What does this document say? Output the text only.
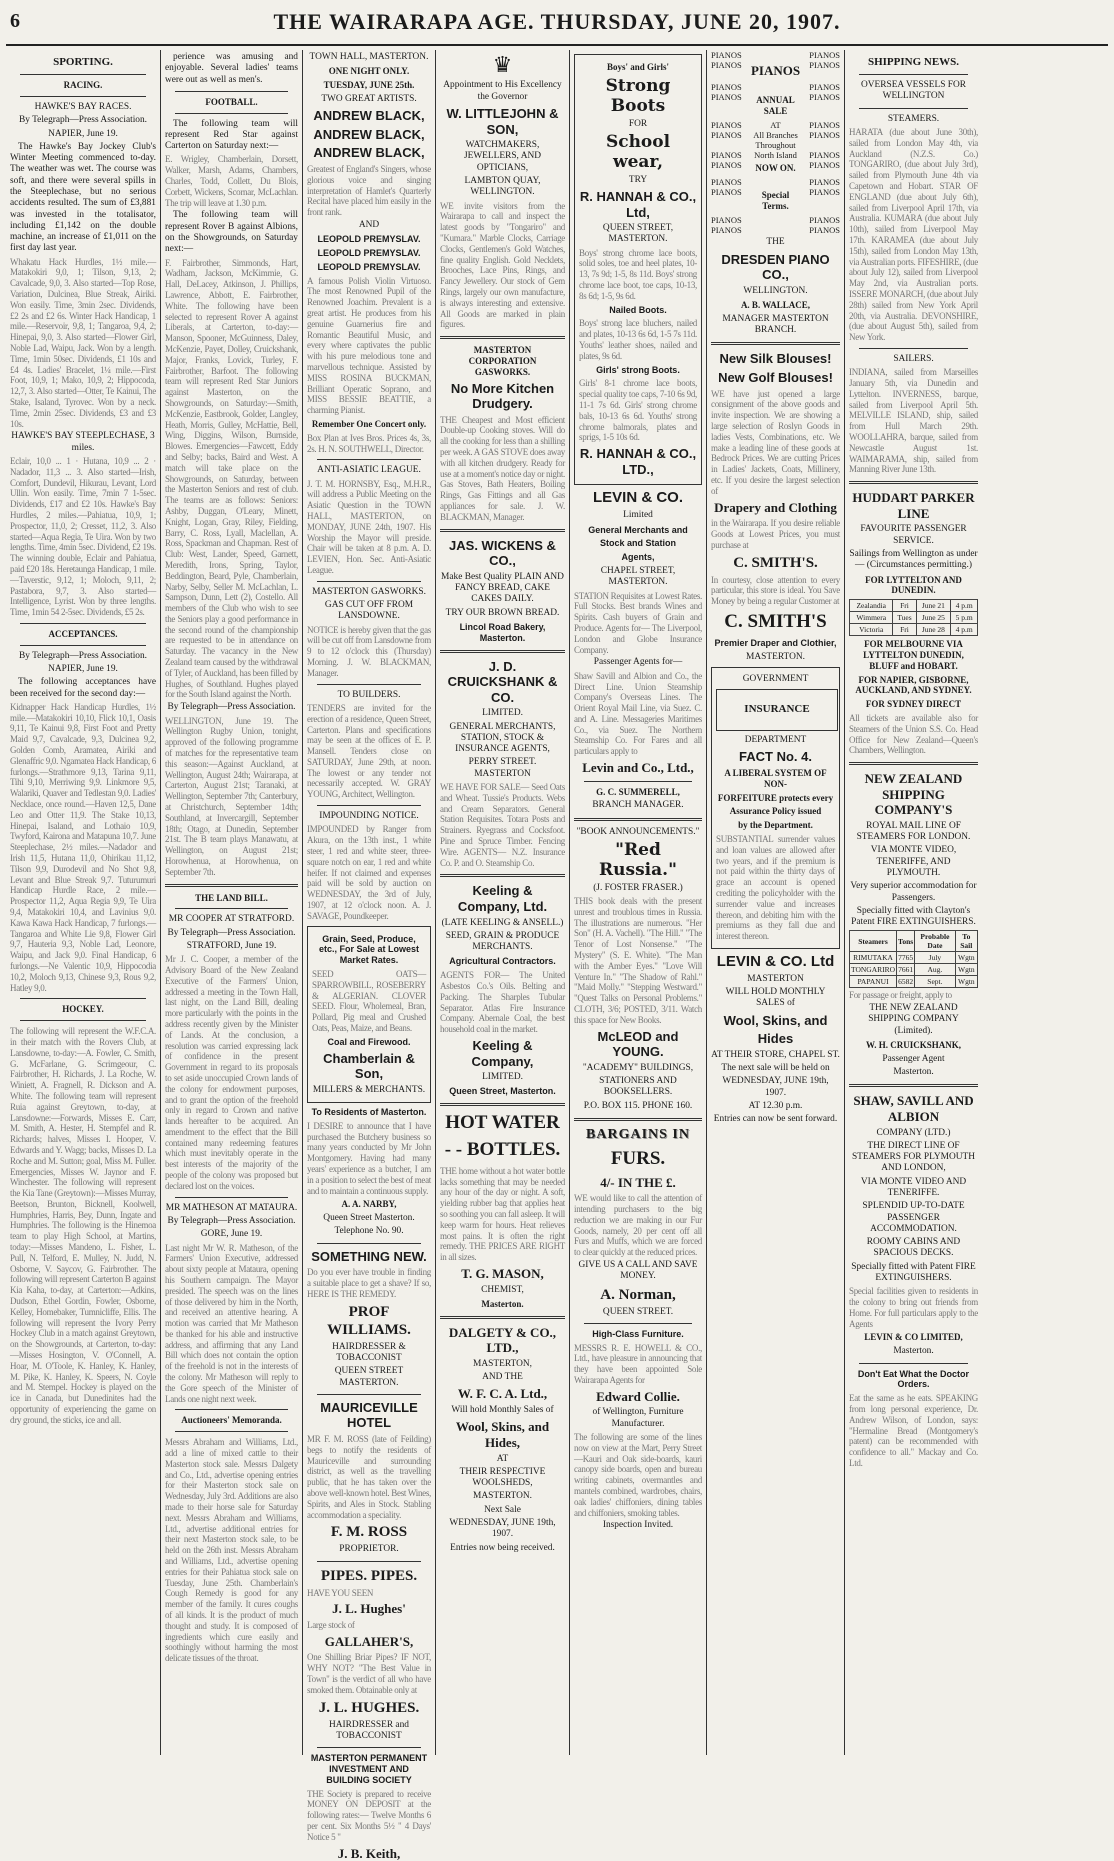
6	THE WAIRARAPA AGE. THURSDAY, JUNE 20, 1907.
SPORTING.
RACING.
HAWKE'S BAY RACES.
By Telegraph—Press Association.
NAPIER, June 19.

The Hawke's Bay Jockey Club's Winter Meeting commenced to-day. The weather was wet. The course was soft, and there were several spills in the Steeplechase, but no serious accidents resulted. The sum of £3,881 was invested in the totalisator, including £1,142 on the double machine, an increase of £1,011 on the first day last year.

Whakatu Hack Hurdles, 1½ mile.—Matakokiri 9,0, 1; Tilson, 9,13, 2; Cavalcade, 9,0, 3. Also started—Top Rose, Variation, Dulcinea, Blue Streak, Airiki. Won easily. Time, 3min 2sec. Dividends, £2 2s and £2 6s. Winter Hack Handicap, 1 mile.—Reservoir, 9,8, 1; Tangaroa, 9,4, 2; Hinepai, 9,0, 3. Also started—Flower Girl, Noble Lad, Waipu, Jack. Won by a length. Time, 1min 50sec. Dividends, £1 10s and £4 4s. Ladies' Bracelet, 1¼ mile.—First Foot, 10,9, 1; Mako, 10,9, 2; Hippocoda, 12,7, 3. Also started—Otter, Te Kainui, The Stake, Isaland, Tyrovec. Won by a neck. Time, 2min 25sec. Dividends, £3 and £3 10s.
HAWKE'S BAY STEEPLECHASE, 3 miles.
Eclair, 10,0 ... 1 · Hutana, 10,9 ... 2 · Nadador, 11,3 ... 3. Also started—Irish, Comfort, Dundevil, Hikurau, Levant, Lord Ullin. Won easily. Time, 7min 7 1-5sec. Dividends, £17 and £2 10s. Hawke's Bay Hurdles, 2 miles.—Pahiatua, 10,9, 1; Prospector, 11,0, 2; Cresset, 11,2, 3. Also started—Aqua Regia, Te Uira. Won by two lengths. Time, 4min 5sec. Dividend, £2 19s. The winning double, Eclair and Pahiatua, paid £20 18s. Heretaunga Handicap, 1 mile.—Taverstic, 9,12, 1; Moloch, 9,11, 2; Pastabora, 9,7, 3. Also started—Intelligence, Lyrist. Won by three lengths. Time, 1min 54 2-5sec. Dividends, £5 2s.
ACCEPTANCES.
By Telegraph—Press Association.
NAPIER, June 19.

The following acceptances have been received for the second day:—

Kidnapper Hack Handicap Hurdles, 1½ mile.—Matakokiri 10,10, Flick 10,1, Oasis 9,11, Te Kainui 9,8, First Foot and Pretty Maid 9,7, Cavalcade, 9,3, Dulcinea 9,2, Golden Comb, Aramatea, Airiki and Glenaffric 9,0. Ngamatea Hack Handicap, 6 furlongs.—Strathmore 9,13, Tarina 9,11, Tihi 9,10, Merriwing 9,9. Linkmore 9,5, Walariki, Quaver and Tedlestan 9,0. Ladies' Necklace, once round.—Haven 12,5, Dane Leo and Otter 11,9. The Stake 10,13, Hinepai, Isaland, and Lothaio 10,9, Twyford, Kairona and Matapuna 10,7. June Steeplechase, 2½ miles.—Nadador and Irish 11,5, Hutana 11,0, Ohirikau 11,12, Tilson 9,9, Durodevil and No Shot 9,8, Levant and Blue Streak 9,7. Tuturumuri Handicap Hurdle Race, 2 mile.—Prospector 11,2, Aqua Regia 9,9, Te Uira 9,4, Matakokiri 10,4, and Lavinius 9,0. Kawa Kawa Hack Handicap, 7 furlongs.—Tangaroa and White Lie 9,8, Flower Girl 9,7, Hauteria 9,3, Noble Lad, Leonore, Waipu, and Jack 9,0. Final Handicap, 6 furlongs.—Ne Valentic 10,9, Hippocodia 10,2, Moloch 9,13, Chinese 9,3, Rous 9,2, Hatley 9,0.
HOCKEY.
The following will represent the W.F.C.A. in their match with the Rovers Club, at Lansdowne, to-day:—A. Fowler, C. Smith, G. McFarlane, G. Scrimgeour, C. Fairbrother, H. Richards, J. La Roche, W. Winiett, A. Fragnell, R. Dickson and A. White. The following team will represent Ruia against Greytown, to-day, at Lansdowne:—Forwards, Misses E. Carr, M. Smith, A. Hester, H. Stempfel and R. Richards; halves, Misses I. Hooper, V. Edwards and Y. Wagg; backs, Misses D. La Roche and M. Sutton; goal, Miss M. Fuller. Emergencies, Misses W. Jaynor and F. Winchester. The following will represent the Kia Tane (Greytown):—Misses Murray, Beetson, Brunton, Bicknell, Koolwell, Humphries, Harris, Bey, Dunn, Ingate and Humphries. The following is the Hinemoa team to play High School, at Martins, today:—Misses Mandeno, L. Fisher, L. Pull, N. Telford, E. Mulley, N. Judd, N. Osborne, V. Saycov, G. Fairbrother. The following will represent Carterton B against Kia Kaha, to-day, at Carterton:—Adkins, Dudson, Ethel Gordin, Fowler, Osborne, Kelley, Homebaker, Tumnicliffe, Ellis. The following will represent the Ivory Perry Hockey Club in a match against Greytown, on the Showgrounds, at Carterton, to-day:—Misses Hosington, V. O'Connell, A. Hoar, M. O'Toole, K. Hanley, K. Hanley, M. Pike, K. Hanley, K. Speers, N. Coyle and M. Stempel. Hockey is played on the ice in Canada, but Dunedinites had the opportunity of experiencing the game on dry ground, the sticks, ice and all.

perience was amusing and enjoyable. Several ladies' teams were out as well as men's.

FOOTBALL.

The following team will represent Red Star against Carterton on Saturday next:—

E. Wrigley, Chamberlain, Dorsett, Walker, Marsh, Adams, Chambers, Charles, Todd, Collett, Du Blois, Corbett, Wickens, Scornar, McLachlan. The trip will leave at 1.30 p.m.

The following team will represent Rover B against Albions, on the Showgrounds, on Saturday next:—

F. Fairbrother, Simmonds, Hart, Wadham, Jackson, McKimmie, G. Hall, DeLacey, Atkinson, J. Phillips, Lawrence, Abbott, E. Fairbrother, White. The following have been selected to represent Rover A against Liberals, at Carterton, to-day:—Manson, Spooner, McGuinness, Daley, McKenzie, Payet, Dolley, Cruickshank, Major, Franks, Lovick, Turley, F. Fairbrother, Barfoot. The following team will represent Red Star Juniors against Masterton, on the Showgrounds, on Saturday:—Smith, McKenzie, Eastbrook, Golder, Langley, Heath, Morris, Gulley, McHattie, Bell, Wing, Diggins, Wilson, Burnside, Blowes. Emergencies—Fawcett, Eddy and Selby; backs, Baird and West. A match will take place on the Showgrounds, on Saturday, between the Masterton Seniors and rest of club. The teams are as follows: Seniors: Ashby, Duggan, O'Leary, Minett, Knight, Logan, Gray, Riley, Fielding, Barry, C. Ross, Lyall, Maclellan, A. Ross, Spackman and Chapman. Rest of Club: West, Lander, Speed, Garnett, Meredith, Irons, Spring, Taylor, Beddington, Beard, Pyle, Chamberlain, Narby, Selby, Seller M. McLachlan, L. Sampson, Dunn, Lett (2), Costello. All members of the Club who wish to see the Seniors play a good performance in the second round of the championship are requested to be in attendance on Saturday. The vacancy in the New Zealand team caused by the withdrawal of Tyler, of Auckland, has been filled by Hughes, of Southland. Hughes played for the South Island against the North.
By Telegraph—Press Association.
WELLINGTON, June 19. The Wellington Rugby Union, tonight, approved of the following programme of matches for the representative team this season:—Against Auckland, at Wellington, August 24th; Wairarapa, at Carterton, August 21st; Taranaki, at Wellington, September 7th; Canterbury, at Christchurch, September 14th; Southland, at Invercargill, September 18th; Otago, at Dunedin, September 21st. The B team plays Manawatu, at Wellington, on August 21st; Horowhenua, at Horowhenua, on September 7th.
THE LAND BILL.
MR COOPER AT STRATFORD.
By Telegraph—Press Association.
STRATFORD, June 19.
Mr J. C. Cooper, a member of the Advisory Board of the New Zealand Executive of the Farmers' Union, addressed a meeting in the Town Hall, last night, on the Land Bill, dealing more particularly with the points in the address recently given by the Minister of Lands. At the conclusion, a resolution was carried expressing lack of confidence in the present Government in regard to its proposals to set aside unoccupied Crown lands of the colony for endowment purposes, and to grant the option of the freehold only in regard to Crown and native lands hereafter to be acquired. An amendment to the effect that the Bill contained many redeeming features which must inevitably operate in the best interests of the majority of the people of the colony was proposed but declared lost on the voices.
MR MATHESON AT MATAURA.
By Telegraph—Press Association.
GORE, June 19.
Last night Mr W. R. Matheson, of the Farmers' Union Executive, addressed about sixty people at Mataura, opening his Southern campaign. The Mayor presided. The speech was on the lines of those delivered by him in the North, and received an attentive hearing. A motion was carried that Mr Matheson be thanked for his able and instructive address, and affirming that any Land Bill which does not contain the option of the freehold is not in the interests of the colony. Mr Matheson will reply to the Gore speech of the Minister of Lands one night next week.
Auctioneers' Memoranda.
Messrs Abraham and Williams, Ltd., add a line of mixed cattle to their Masterton stock sale. Messrs Dalgety and Co., Ltd., advertise opening entries for their Masterton stock sale on Wednesday, July 3rd. Additions are also made to their horse sale for Saturday next. Messrs Abraham and Williams, Ltd., advertise additional entries for their next Masterton stock sale, to be held on the 26th inst. Messrs Abraham and Williams, Ltd., advertise opening entries for their Pahiatua stock sale on Tuesday, June 25th. Chamberlain's Cough Remedy is good for any member of the family. It cures coughs of all kinds. It is the product of much thought and study. It is composed of ingredients which cure easily and soothingly without harming the most delicate tissues of the throat.
TOWN HALL, MASTERTON.
ONE NIGHT ONLY.
TUESDAY, JUNE 25th.
TWO GREAT ARTISTS.
ANDREW BLACK,
ANDREW BLACK,
ANDREW BLACK,
Greatest of England's Singers, whose glorious voice and singing interpretation of Hamlet's Quarterly Recital have placed him easily in the front rank.
AND
LEOPOLD PREMYSLAV.
LEOPOLD PREMYSLAV.
LEOPOLD PREMYSLAV.
A famous Polish Violin Virtuoso. The most Renowned Pupil of the Renowned Joachim. Prevalent is a great artist. He produces from his genuine Guarnerius fire and Romantic Beautiful Music, and every where captivates the public with his pure melodious tone and marvellous technique. Assisted by MISS ROSINA BUCKMAN, Brilliant Operatic Soprano, and MISS BESSIE BEATTIE, a charming Pianist.
Remember One Concert only.
Box Plan at Ives Bros. Prices 4s, 3s, 2s. H. N. SOUTHWELL, Director.
ANTI-ASIATIC LEAGUE.
J. T. M. HORNSBY, Esq., M.H.R., will address a Public Meeting on the Asiatic Question in the TOWN HALL, MASTERTON, on MONDAY, JUNE 24th, 1907. His Worship the Mayor will preside. Chair will be taken at 8 p.m. A. D. LEVIEN, Hon. Sec. Anti-Asiatic League.
MASTERTON GASWORKS.
GAS CUT OFF FROM LANSDOWNE.
NOTICE is hereby given that the gas will be cut off from Lansdowne from 9 to 12 o'clock this (Thursday) Morning. J. W. BLACKMAN, Manager.
TO BUILDERS.
TENDERS are invited for the erection of a residence, Queen Street, Carterton. Plans and specifications may be seen at the offices of E. P. Mansell. Tenders close on SATURDAY, June 29th, at noon. The lowest or any tender not necessarily accepted. W. GRAY YOUNG, Architect, Wellington.
IMPOUNDING NOTICE.
IMPOUNDED by Ranger from Akura, on the 13th inst., 1 white steer, 1 red and white steer, three-square notch on ear, 1 red and white heifer. If not claimed and expenses paid will be sold by auction on WEDNESDAY, the 3rd of July, 1907, at 12 o'clock noon. A. J. SAVAGE, Poundkeeper.
Grain, Seed, Produce, etc., For Sale at Lowest Market Rates.
SEED OATS—SPARROWBILL, ROSEBERRY & ALGERIAN. CLOVER SEED. Flour, Wholemeal, Bran, Pollard, Pig meal and Crushed Oats, Peas, Maize, and Beans.
Coal and Firewood.
Chamberlain & Son,
MILLERS & MERCHANTS.
To Residents of Masterton.
I DESIRE to announce that I have purchased the Butchery business so many years conducted by Mr John Montgomery. Having had many years' experience as a butcher, I am in a position to select the best of meat and to maintain a continuous supply.
A. A. NARBY,
Queen Street Masterton.
Telephone No. 90.
SOMETHING NEW.
Do you ever have trouble in finding a suitable place to get a shave? If so, HERE IS THE REMEDY.
PROF WILLIAMS.
HAIRDRESSER & TOBACCONIST
QUEEN STREET MASTERTON.
MAURICEVILLE HOTEL
MR F. M. ROSS (late of Feilding) begs to notify the residents of Mauriceville and surrounding district, as well as the travelling public, that he has taken over the above well-known hotel. Best Wines, Spirits, and Ales in Stock. Stabling accommodation a speciality.
F. M. ROSS
PROPRIETOR.
PIPES. PIPES.
HAVE YOU SEEN
J. L. Hughes'
Large stock of
GALLAHER'S,
One Shilling Briar Pipes? IF NOT, WHY NOT? "The Best Value in Town" is the verdict of all who have smoked them. Obtainable only at
J. L. HUGHES.
HAIRDRESSER and TOBACCONIST
MASTERTON PERMANENT INVESTMENT AND BUILDING SOCIETY
THE Society is prepared to receive MONEY ON DEPOSIT at the following rates:— Twelve Months 6 per cent. Six Months 5½ " 4 Days' Notice 5 "
J. B. Keith,
♛
Appointment to His Excellency the Governor
W. LITTLEJOHN & SON,
WATCHMAKERS, JEWELLERS, AND OPTICIANS,
LAMBTON QUAY, WELLINGTON.
WE invite visitors from the Wairarapa to call and inspect the latest goods by "Tongariro" and "Kumara." Marble Clocks, Carriage Clocks, Gentlemen's Gold Watches, fine quality English. Gold Necklets, Brooches, Lace Pins, Rings, and Fancy Jewellery. Our stock of Gem Rings, largely our own manufacture, is always interesting and extensive. All Goods are marked in plain figures.
MASTERTON CORPORATION GASWORKS.
No More Kitchen Drudgery.
THE Cheapest and Most efficient Double-up Cooking stoves. Will do all the cooking for less than a shilling per week. A GAS STOVE does away with all kitchen drudgery. Ready for use at a moment's notice day or night. Gas Stoves, Bath Heaters, Boiling Rings, Gas Fittings and all Gas appliances for sale. J. W. BLACKMAN, Manager.
JAS. WICKENS & CO.,
Make Best Quality PLAIN AND FANCY BREAD, CAKE CAKES DAILY.
TRY OUR BROWN BREAD.
Lincol Road Bakery, Masterton.
J. D. CRUICKSHANK & CO.
LIMITED.
GENERAL MERCHANTS, STATION, STOCK & INSURANCE AGENTS,
PERRY STREET. MASTERTON
WE HAVE FOR SALE— Seed Oats and Wheat. Tussie's Products. Webs and Cream Separators. General Station Requisites. Totara Posts and Strainers. Ryegrass and Cocksfoot. Pine and Spruce Timber. Fencing Wire. AGENTS— N.Z. Insurance Co. P. and O. Steamship Co.
Keeling & Company, Ltd.
(LATE KEELING & ANSELL.)
SEED, GRAIN & PRODUCE MERCHANTS.
Agricultural Contractors.
AGENTS FOR— The United Asbestos Co.'s Oils. Belting and Packing. The Sharples Tubular Separator. Atlas Fire Insurance Company. Abernale Coal, the best household coal in the market.
Keeling & Company,
LIMITED.
Queen Street, Masterton.
HOT WATER
- - BOTTLES.
THE home without a hot water bottle lacks something that may be needed any hour of the day or night. A soft, yielding rubber bag that applies heat so soothing you can fall asleep. It will keep warm for hours. Heat relieves most pains. It is often the right remedy. THE PRICES ARE RIGHT in all sizes.
T. G. MASON,
CHEMIST,
Masterton.
DALGETY & CO., LTD.,
MASTERTON,
AND THE
W. F. C. A. Ltd.,
Will hold Monthly Sales of
Wool, Skins, and Hides,
AT
THEIR RESPECTIVE WOOLSHEDS,
MASTERTON.
Next Sale
WEDNESDAY, JUNE 19th, 1907.
Entries now being received.
Boys' and Girls'
Strong Boots
FOR
School wear,
TRY
R. HANNAH & CO., Ltd,
QUEEN STREET, MASTERTON.
Boys' strong chrome lace boots, solid soles, toe and heel plates, 10-13, 7s 9d; 1-5, 8s 11d. Boys' strong chrome lace boot, toe caps, 10-13, 8s 6d; 1-5, 9s 6d.
Nailed Boots.
Boys' strong lace bluchers, nailed and plates, 10-13 6s 6d, 1-5 7s 11d. Youths' leather shoes, nailed and plates, 9s 6d.
Girls' strong Boots.
Girls' 8-1 chrome lace boots, special quality toe caps, 7-10 6s 9d, 11-1 7s 6d. Girls' strong chrome bals, 10-13 6s 6d. Youths' strong chrome balmorals, plates and sprigs, 1-5 10s 6d.
R. HANNAH & CO., LTD.,
LEVIN & CO.
Limited
General Merchants and
Stock and Station
Agents,
CHAPEL STREET, MASTERTON.
STATION Requisites at Lowest Rates. Full Stocks. Best brands Wines and Spirits. Cash buyers of Grain and Produce. Agents for— The Liverpool, London and Globe Insurance Company.
Passenger Agents for—
Shaw Savill and Albion and Co., the Direct Line. Union Steamship Company's Overseas Lines. The Orient Royal Mail Line, via Suez. C. and A. Line. Messageries Maritimes Co., via Suez. The Northern Steamship Co. For Fares and all particulars apply to
Levin and Co., Ltd.,
G. C. SUMMERELL,
BRANCH MANAGER.
"BOOK ANNOUNCEMENTS."
"Red Russia."
(J. FOSTER FRASER.)
THIS book deals with the present unrest and troublous times in Russia. The illustrations are numerous. "Her Son" (H. A. Vachell). "The Hill." "The Tenor of Lost Nonsense." "The Mystery" (S. E. White). "The Man with the Amber Eyes." "Love Will Venture In." "The Shadow of Rahl." "Maid Molly." "Stepping Westward." "Quest Talks on Personal Problems." CLOTH, 3/6; POSTED, 3/11. Watch this space for New Books.
McLEOD and YOUNG.
"ACADEMY" BUILDINGS,
STATIONERS AND BOOKSELLERS.
P.O. BOX 115. PHONE 160.
BARGAINS IN
FURS.
4/- IN THE £.
WE would like to call the attention of intending purchasers to the big reduction we are making in our Fur Goods, namely, 20 per cent off all Furs and Muffs, which we are forced to clear quickly at the reduced prices.
GIVE US A CALL AND SAVE MONEY.
A. Norman,
QUEEN STREET.
High-Class Furniture.
MESSRS R. E. HOWELL & CO., Ltd., have pleasure in announcing that they have been appointed Sole Wairarapa Agents for
Edward Collie.
of Wellington, Furniture Manufacturer.
The following are some of the lines now on view at the Mart, Perry Street—Kauri and Oak side-boards, kauri canopy side boards, open and bureau writing cabinets, overmantles and mantels combined, wardrobes, chairs, oak ladies' chiffoniers, dining tables and chiffoniers, smoking tables.
Inspection Invited.
PIANOS	PIANOS
PIANOS PIANOS	PIANOS
PIANOS	PIANOS
PIANOS	ANNUAL SALE
PIANOS
PIANOS	AT	PIANOS
PIANOS	All Branches Throughout
PIANOS
PIANOS	North Island	PIANOS
PIANOS	NOW ON.	PIANOS
PIANOS	PIANOS
PIANOS	Special Terms.
PIANOS
PIANOS	PIANOS
PIANOS	PIANOS
THE
DRESDEN PIANO CO.,
WELLINGTON.
A. B. WALLACE,
MANAGER MASTERTON BRANCH.
New Silk Blouses!
New Golf Blouses!
WE have just opened a large consignment of the above goods and invite inspection. We are showing a large selection of Roslyn Goods in ladies Vests, Combinations, etc. We make a leading line of these goods at Bedrock Prices. We are cutting Prices in Ladies' Jackets, Coats, Millinery, etc. If you desire the largest selection of
Drapery and Clothing
in the Wairarapa. If you desire reliable Goods at Lowest Prices, you must purchase at
C. SMITH'S.
In courtesy, close attention to every particular, this store is ideal. You Save Money by being a regular Customer at
C. SMITH'S
Premier Draper and Clothier,
MASTERTON.
GOVERNMENT
INSURANCE
DEPARTMENT
FACT No. 4.
A LIBERAL SYSTEM OF NON-
FORFEITURE protects every
Assurance Policy issued
by the Department.
SUBSTANTIAL surrender values and loan values are allowed after two years, and if the premium is not paid within the thirty days of grace an account is opened crediting the policyholder with the surrender value and increases thereon, and debiting him with the premiums as they fall due and interest thereon.
LEVIN & CO. Ltd
MASTERTON
WILL HOLD MONTHLY SALES of
Wool, Skins, and
Hides
AT THEIR STORE, CHAPEL ST.
The next sale will be held on
WEDNESDAY, JUNE 19th, 1907.
AT 12.30 p.m.
Entries can now be sent forward.
SHIPPING NEWS.
OVERSEA VESSELS FOR WELLINGTON
STEAMERS.
HARATA (due about June 30th), sailed from London May 4th, via Auckland (N.Z.S. Co.) TONGARIRO, (due about July 3rd), sailed from Plymouth June 4th via Capetown and Hobart. STAR OF ENGLAND (due about July 6th), sailed from Liverpool April 17th, via Australia. KUMARA (due about July 10th), sailed from Liverpool May 17th. KARAMEA (due about July 15th), sailed from London May 13th, via Australian ports. FIFESHIRE, (due about July 12), sailed from Liverpool May 2nd, via Australian ports. ISSERE MONARCH, (due about July 28th) sailed from New York April 20th, via Australia. DEVONSHIRE, (due about August 5th), sailed from New York.
SAILERS.
INDIANA, sailed from Marseilles January 5th, via Dunedin and Lyttelton. INVERNESS, barque, sailed from Liverpool April 5th. MELVILLE ISLAND, ship, sailed from Hull March 29th. WOOLLAHRA, barque, sailed from Newcastle August 1st. WAIMARAMA, ship, sailed from Manning River June 13th.
HUDDART PARKER LINE
FAVOURITE PASSENGER SERVICE.
Sailings from Wellington as under — (Circumstances permitting.)
FOR LYTTELTON AND DUNEDIN.
Zealandia	Fri	June 21	4 p.m
Wimmera	Tues	June 25	5 p.m
Victoria	Fri	June 28	4 p.m
FOR MELBOURNE VIA LYTTELTON DUNEDIN, BLUFF and HOBART.
FOR NAPIER, GISBORNE, AUCKLAND, AND SYDNEY.
FOR SYDNEY DIRECT
All tickets are available also for Steamers of the Union S.S. Co. Head Office for New Zealand—Queen's Chambers, Wellington.
NEW ZEALAND SHIPPING COMPANY'S
ROYAL MAIL LINE OF STEAMERS FOR LONDON.
VIA MONTE VIDEO, TENERIFFE, AND PLYMOUTH.
Very superior accommodation for Passengers.
Specially fitted with Clayton's Patent FIRE EXTINGUISHERS.
Steamers	Tons	Probable Date	To Sail
RIMUTAKA	7765	July	Wgtn
TONGARIRO	7661	Aug.	Wgtn
PAPANUI	6582	Sept.	Wgtn
For passage or freight, apply to
THE NEW ZEALAND SHIPPING COMPANY (Limited).
W. H. CRUICKSHANK,
Passenger Agent
Masterton.
SHAW, SAVILL AND ALBION
COMPANY (LTD.)
THE DIRECT LINE OF STEAMERS FOR PLYMOUTH AND LONDON,
VIA MONTE VIDEO AND TENERIFFE.
SPLENDID UP-TO-DATE PASSENGER ACCOMMODATION.
ROOMY CABINS AND SPACIOUS DECKS.
Specially fitted with Patent FIRE EXTINGUISHERS.
Special facilities given to residents in the colony to bring out friends from Home. For full particulars apply to the Agents
LEVIN & CO LIMITED,
Masterton.
Don't Eat What the Doctor Orders.
Eat the same as he eats. SPEAKING from long personal experience, Dr. Andrew Wilson, of London, says: "Hermaline Bread (Montgomery's patent) can be recommended with confidence to all." Mackay and Co. Ltd.
